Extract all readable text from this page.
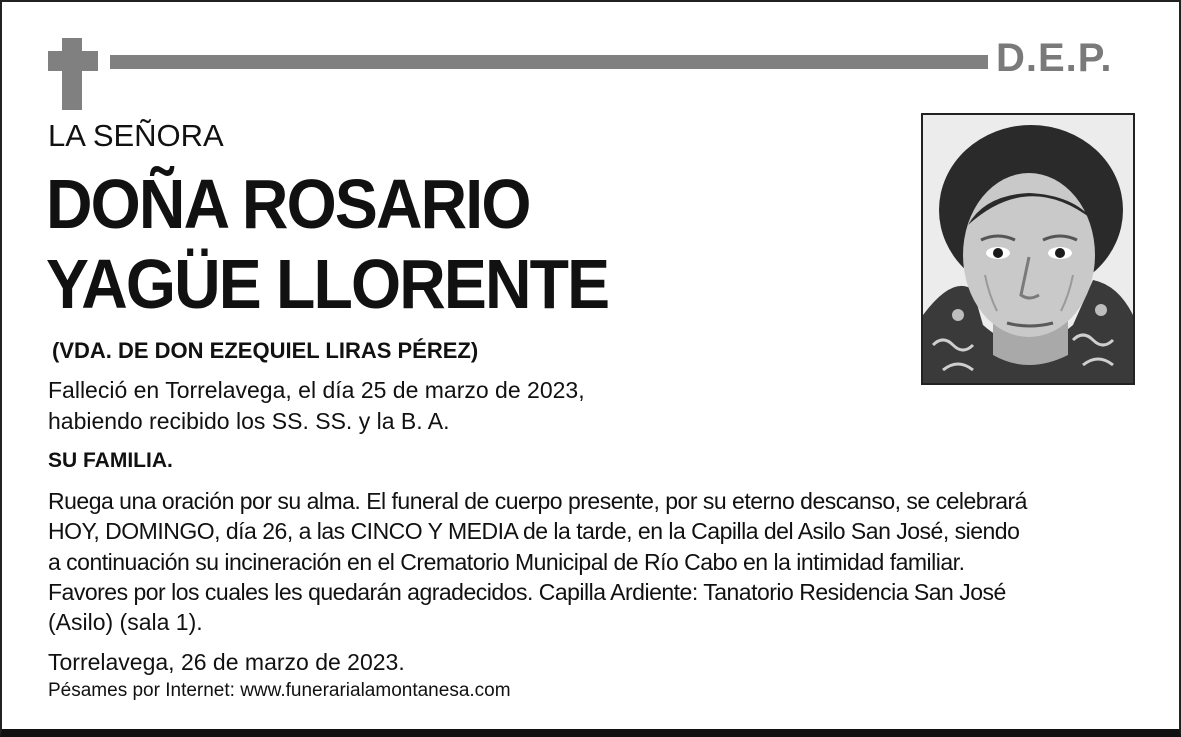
D.E.P.
LA SEÑORA
DOÑA ROSARIO
YAGÜE LLORENTE
(VDA. DE DON EZEQUIEL LIRAS PÉREZ)
Falleció en Torrelavega, el día 25 de marzo de 2023,
habiendo recibido los SS. SS. y la B. A.
SU FAMILIA.
Ruega una oración por su alma. El funeral de cuerpo presente, por su eterno descanso, se celebrará
HOY, DOMINGO, día 26, a las CINCO Y MEDIA de la tarde, en la Capilla del Asilo San José, siendo
a continuación su incineración en el Crematorio Municipal de Río Cabo en la intimidad familiar.
Favores por los cuales les quedarán agradecidos. Capilla Ardiente: Tanatorio Residencia San José
(Asilo) (sala 1).
Torrelavega, 26 de marzo de 2023.
Pésames por Internet: www.funerarialamontanesa.com
